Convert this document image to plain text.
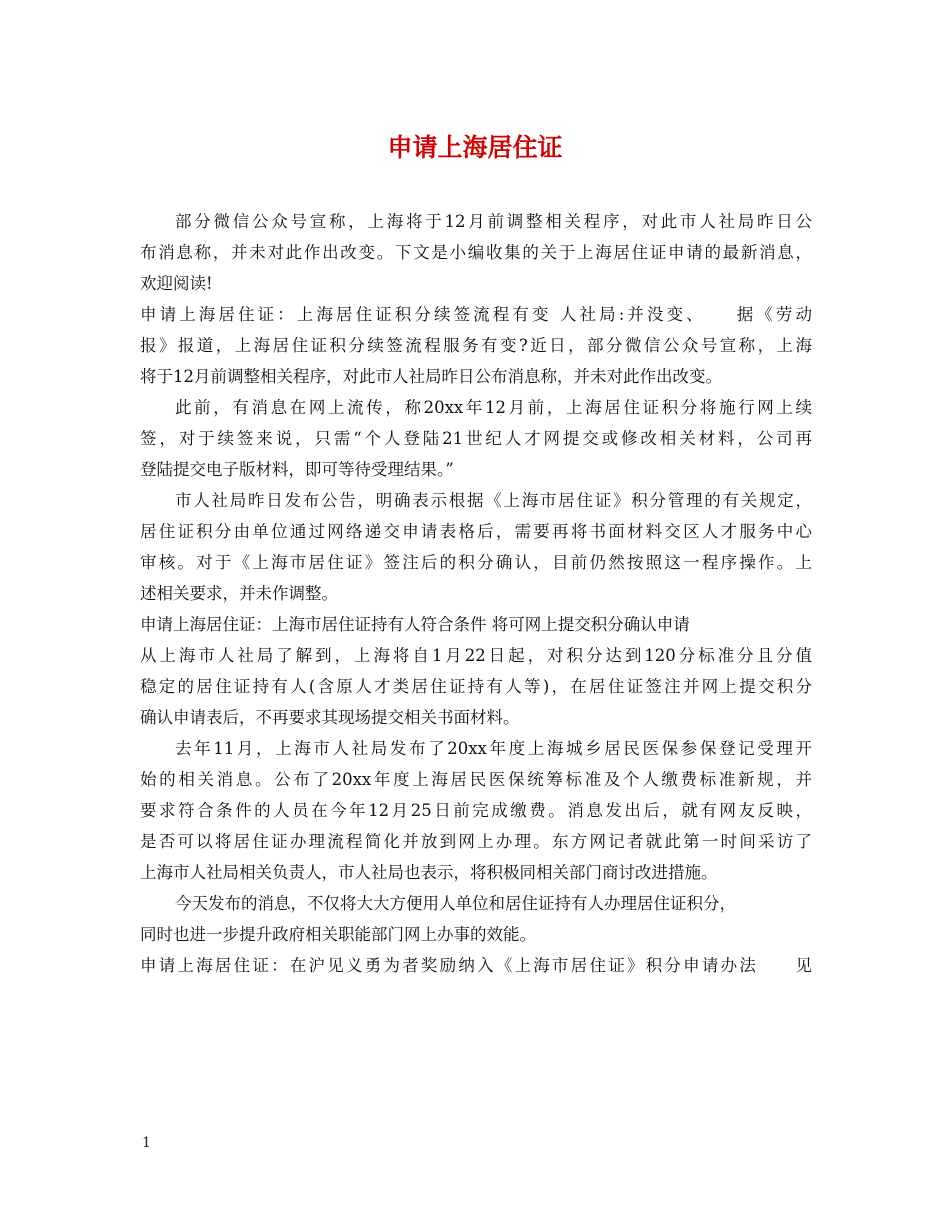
申请上海居住证
部分微信公众号宣称，上海将于12月前调整相关程序，对此市人社局昨日公
布消息称，并未对此作出改变。下文是小编收集的关于上海居住证申请的最新消息，
欢迎阅读!
申请上海居住证：上海居住证积分续签流程有变 人社局:并没变、　　据《劳动
报》报道，上海居住证积分续签流程服务有变?近日，部分微信公众号宣称，上海
将于12月前调整相关程序，对此市人社局昨日公布消息称，并未对此作出改变。
此前，有消息在网上流传，称20xx年12月前，上海居住证积分将施行网上续
签，对于续签来说，只需“个人登陆21世纪人才网提交或修改相关材料，公司再
登陆提交电子版材料，即可等待受理结果。”
市人社局昨日发布公告，明确表示根据《上海市居住证》积分管理的有关规定，
居住证积分由单位通过网络递交申请表格后，需要再将书面材料交区人才服务中心
审核。对于《上海市居住证》签注后的积分确认，目前仍然按照这一程序操作。上
述相关要求，并未作调整。
申请上海居住证：上海市居住证持有人符合条件 将可网上提交积分确认申请
从上海市人社局了解到，上海将自1月22日起，对积分达到120分标准分且分值
稳定的居住证持有人(含原人才类居住证持有人等)，在居住证签注并网上提交积分
确认申请表后，不再要求其现场提交相关书面材料。
去年11月，上海市人社局发布了20xx年度上海城乡居民医保参保登记受理开
始的相关消息。公布了20xx年度上海居民医保统筹标准及个人缴费标准新规，并
要求符合条件的人员在今年12月25日前完成缴费。消息发出后，就有网友反映，
是否可以将居住证办理流程简化并放到网上办理。东方网记者就此第一时间采访了
上海市人社局相关负责人，市人社局也表示，将积极同相关部门商讨改进措施。
今天发布的消息，不仅将大大方便用人单位和居住证持有人办理居住证积分，
同时也进一步提升政府相关职能部门网上办事的效能。
申请上海居住证：在沪见义勇为者奖励纳入《上海市居住证》积分申请办法　　见
1
